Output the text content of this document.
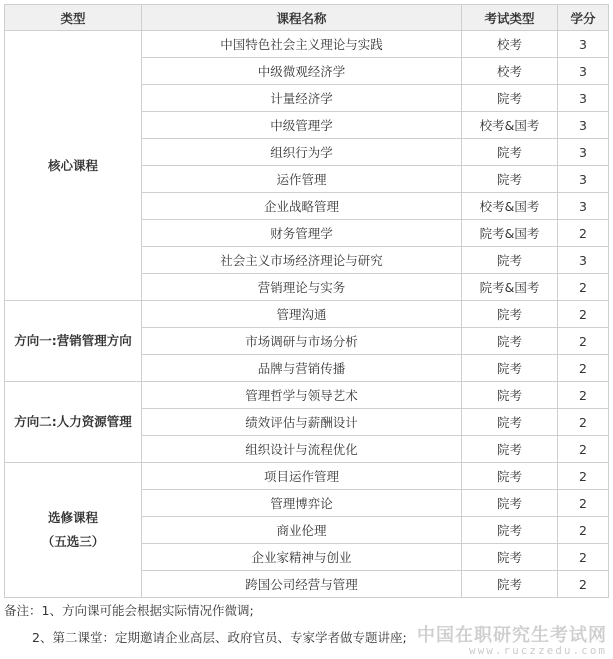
类型	课程名称	考试类型	学分

核心课程	中国特色社会主义理论与实践	校考	3
	中级微观经济学	校考	3
	计量经济学	院考	3
	中级管理学	校考&国考	3
	组织行为学	院考	3
	运作管理	院考	3
	企业战略管理	校考&国考	3
	财务管理学	院考&国考	2
	社会主义市场经济理论与研究	院考	3
	营销理论与实务	院考&国考	2

方向一:营销管理方向	管理沟通	院考	2
	市场调研与市场分析	院考	2
	品牌与营销传播	院考	2

方向二:人力资源管理	管理哲学与领导艺术	院考	2
	绩效评估与薪酬设计	院考	2
	组织设计与流程优化	院考	2

选修课程
（五选三）	项目运作管理	院考	2
	管理博弈论	院考	2
	商业伦理	院考	2
	企业家精神与创业	院考	2
	跨国公司经营与管理	院考	2
备注：1、方向课可能会根据实际情况作微调;
2、第二课堂：定期邀请企业高层、政府官员、专家学者做专题讲座; 中国在职研究生考试网
www.ruczzedu.com
